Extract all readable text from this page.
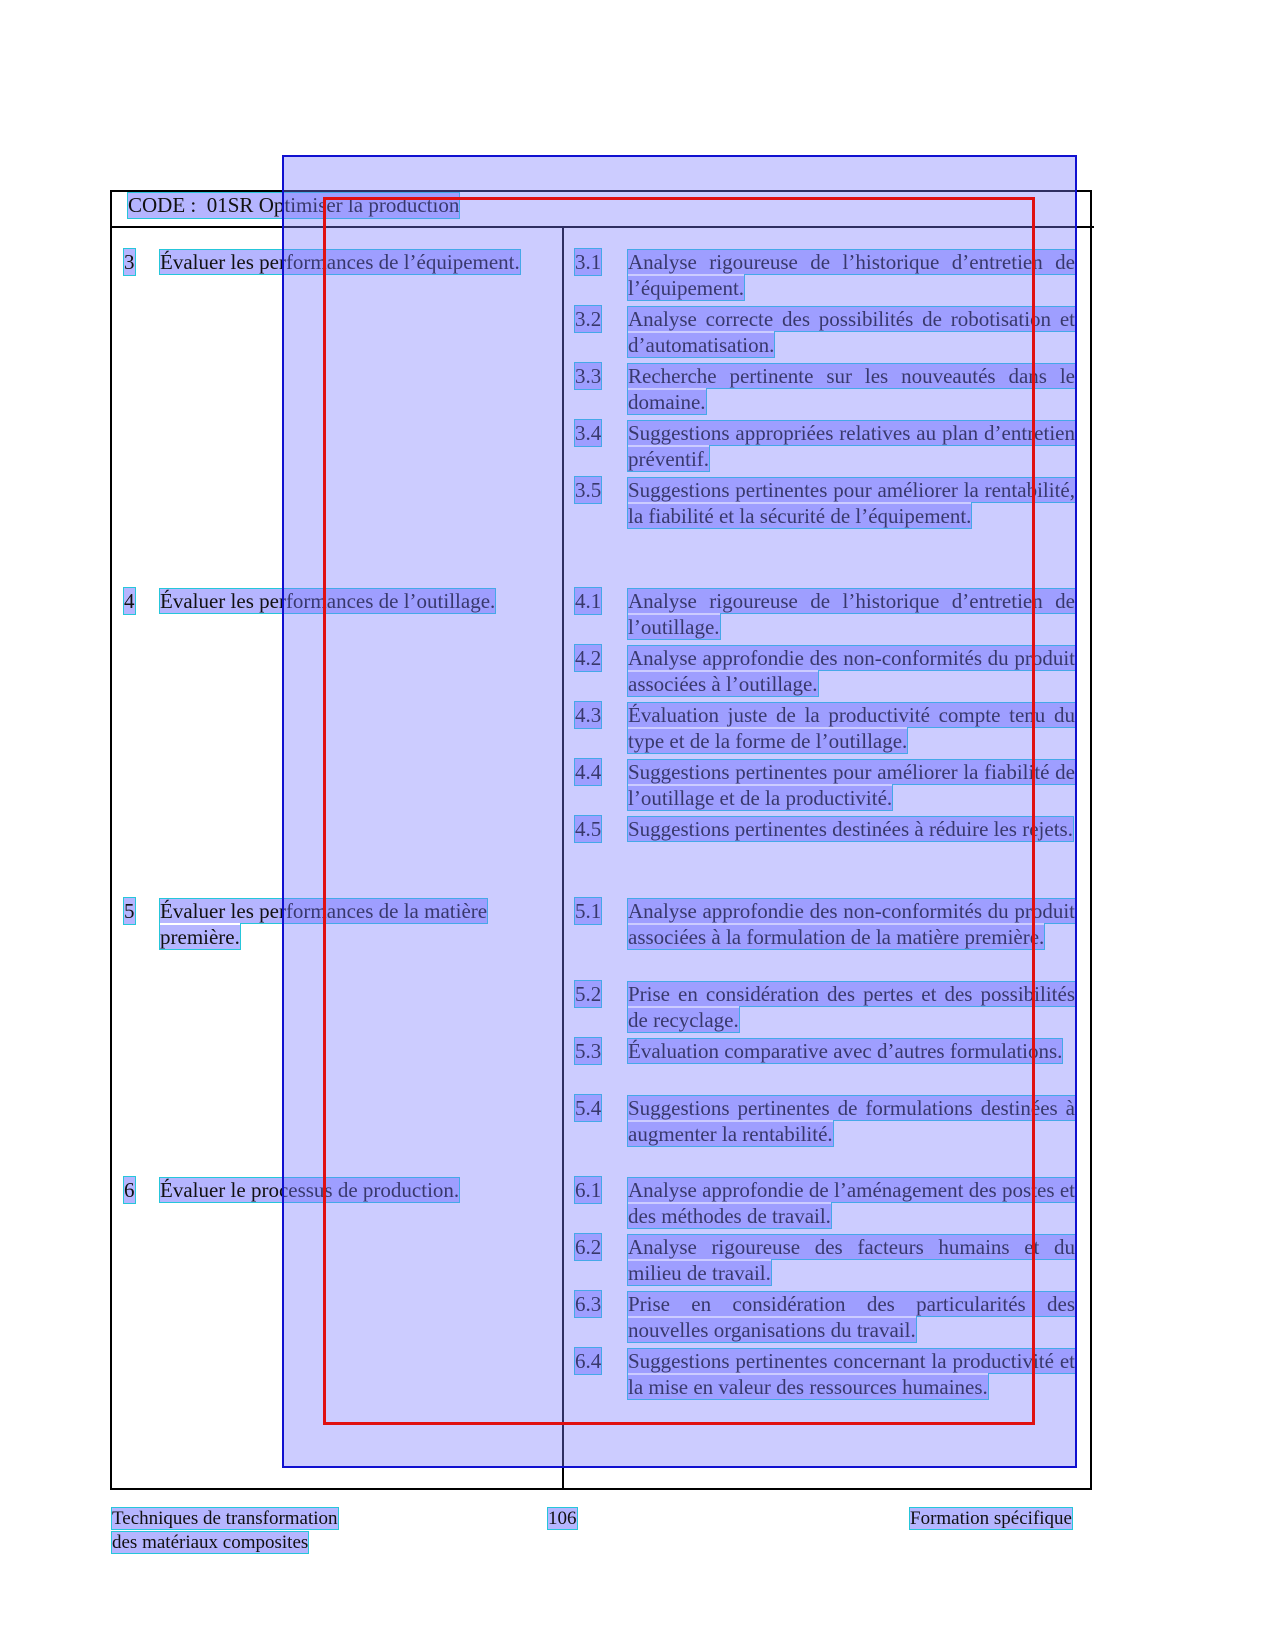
CODE : 01SR Optimiser la production
3 Évaluer les performances de l’équipement.	3.1 Analyse rigoureuse de l’historique d’entretien de l’équipement.
3.2 Analyse correcte des possibilités de robotisation et d’automatisation.
3.3 Recherche pertinente sur les nouveautés dans le domaine.
3.4 Suggestions appropriées relatives au plan d’entretien préventif.
3.5 Suggestions pertinentes pour améliorer la rentabilité, la fiabilité et la sécurité de l’équipement.
4 Évaluer les performances de l’outillage.	4.1 Analyse rigoureuse de l’historique d’entretien de l’outillage.
4.2 Analyse approfondie des non-conformités du produit associées à l’outillage.
4.3 Évaluation juste de la productivité compte tenu du type et de la forme de l’outillage.
4.4 Suggestions pertinentes pour améliorer la fiabilité de l’outillage et de la productivité.
4.5 Suggestions pertinentes destinées à réduire les rejets.
5 Évaluer les performances de la matière première.
5.1 Analyse approfondie des non-conformités du produit associées à la formulation de la matière première.
5.2 Prise en considération des pertes et des possibilités de recyclage.
5.3 Évaluation comparative avec d’autres formulations.
5.4 Suggestions pertinentes de formulations destinées à augmenter la rentabilité.
6 Évaluer le processus de production.	6.1 Analyse approfondie de l’aménagement des postes et des méthodes de travail.
6.2 Analyse rigoureuse des facteurs humains et du milieu de travail.
6.3 Prise en considération des particularités des nouvelles organisations du travail.
6.4 Suggestions pertinentes concernant la productivité et la mise en valeur des ressources humaines.
Techniques de transformation
des matériaux composites
106	Formation spécifique
